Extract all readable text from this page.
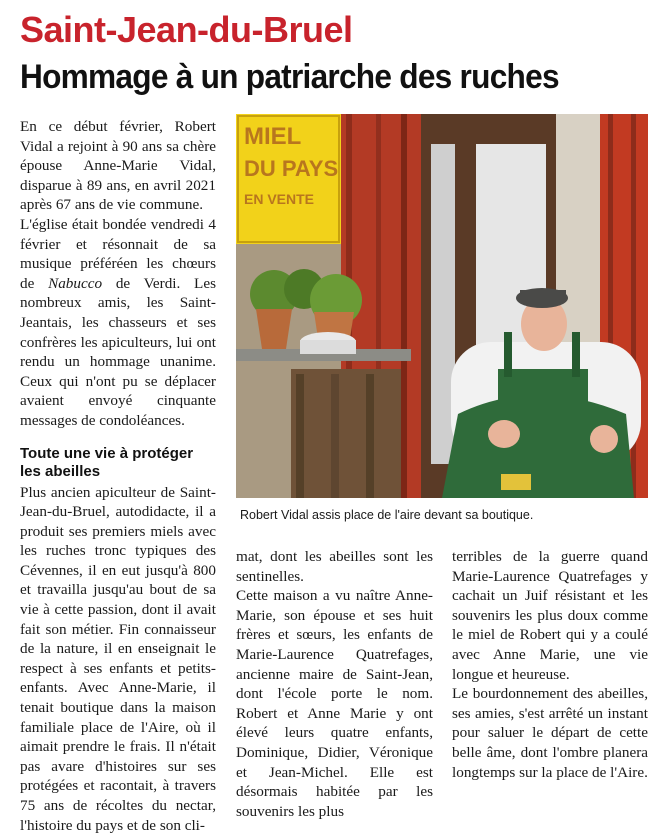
Saint-Jean-du-Bruel
Hommage à un patriarche des ruches

En ce début février, Robert Vidal a rejoint à 90 ans sa chère épouse Anne-Marie Vidal, disparue à 89 ans, en avril 2021 après 67 ans de vie commune.

L'église était bondée vendredi 4 février et résonnait de sa musique préféréen les chœurs de Nabucco de Verdi. Les nombreux amis, les Saint-Jeantais, les chasseurs et ses confrères les apiculteurs, lui ont rendu un hommage unanime. Ceux qui n'ont pu se déplacer avaient envoyé cinquante messages de condoléances.

Toute une vie à protéger les abeilles

Plus ancien apiculteur de Saint-Jean-du-Bruel, autodidacte, il a produit ses premiers miels avec les ruches tronc typiques des Cévennes, il en eut jusqu'à 800 et travailla jusqu'au bout de sa vie à cette passion, dont il avait fait son métier. Fin connaisseur de la nature, il en enseignait le respect à ses enfants et petits-enfants. Avec Anne-Marie, il tenait boutique dans la maison familiale place de l'Aire, où il aimait prendre le frais. Il n'était pas avare d'histoires sur ses protégées et racontait, à travers 75 ans de récoltes du nectar, l'histoire du pays et de son cli-

MIEL
DU PAYS
EN VENTE
Robert Vidal assis place de l'aire devant sa boutique.

mat, dont les abeilles sont les sentinelles.

Cette maison a vu naître Anne-Marie, son épouse et ses huit frères et sœurs, les enfants de Marie-Laurence Quatrefages, ancienne maire de Saint-Jean, dont l'école porte le nom. Robert et Anne Marie y ont élevé leurs quatre enfants, Dominique, Didier, Véronique et Jean-Michel. Elle est désormais habitée par les souvenirs les plus

terribles de la guerre quand Marie-Laurence Quatrefages y cachait un Juif résistant et les souvenirs les plus doux comme le miel de Robert qui y a coulé avec Anne Marie, une vie longue et heureuse.

Le bourdonnement des abeilles, ses amies, s'est arrêté un instant pour saluer le départ de cette belle âme, dont l'ombre planera longtemps sur la place de l'Aire.
